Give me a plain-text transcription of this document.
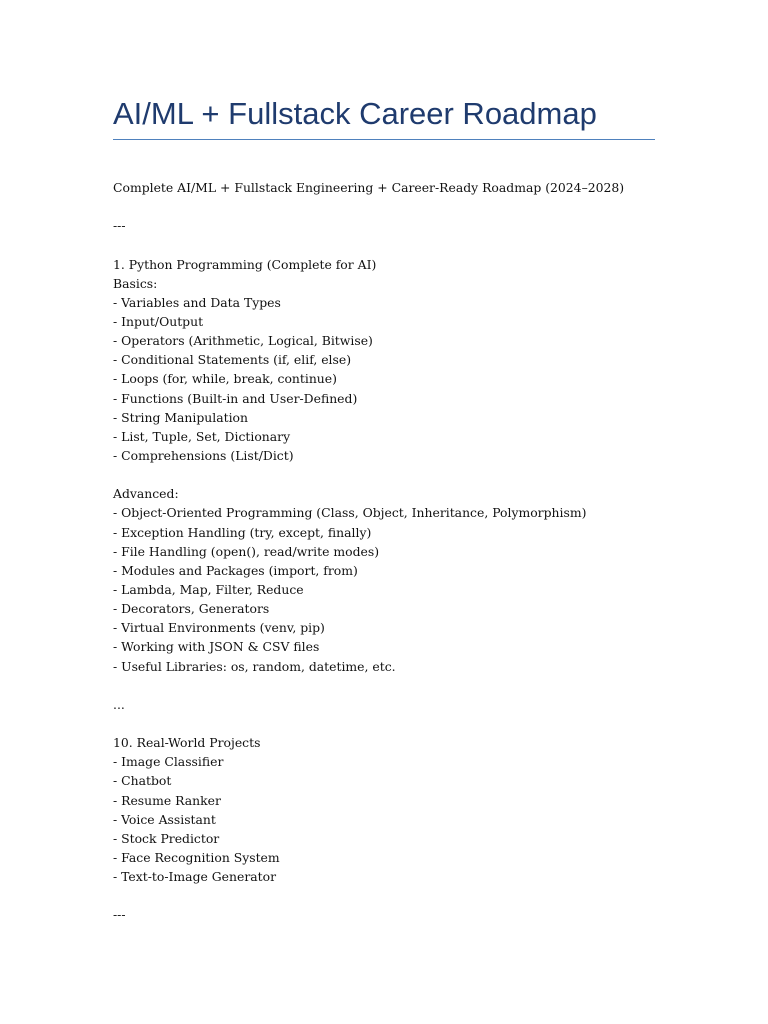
AI/ML + Fullstack Career Roadmap
Complete AI/ML + Fullstack Engineering + Career-Ready Roadmap (2024–2028)
---
1. Python Programming (Complete for AI)
Basics:
- Variables and Data Types
- Input/Output
- Operators (Arithmetic, Logical, Bitwise)
- Conditional Statements (if, elif, else)
- Loops (for, while, break, continue)
- Functions (Built-in and User-Defined)
- String Manipulation
- List, Tuple, Set, Dictionary
- Comprehensions (List/Dict)
Advanced:
- Object-Oriented Programming (Class, Object, Inheritance, Polymorphism)
- Exception Handling (try, except, finally)
- File Handling (open(), read/write modes)
- Modules and Packages (import, from)
- Lambda, Map, Filter, Reduce
- Decorators, Generators
- Virtual Environments (venv, pip)
- Working with JSON & CSV files
- Useful Libraries: os, random, datetime, etc.
...
10. Real-World Projects
- Image Classifier
- Chatbot
- Resume Ranker
- Voice Assistant
- Stock Predictor
- Face Recognition System
- Text-to-Image Generator
---
